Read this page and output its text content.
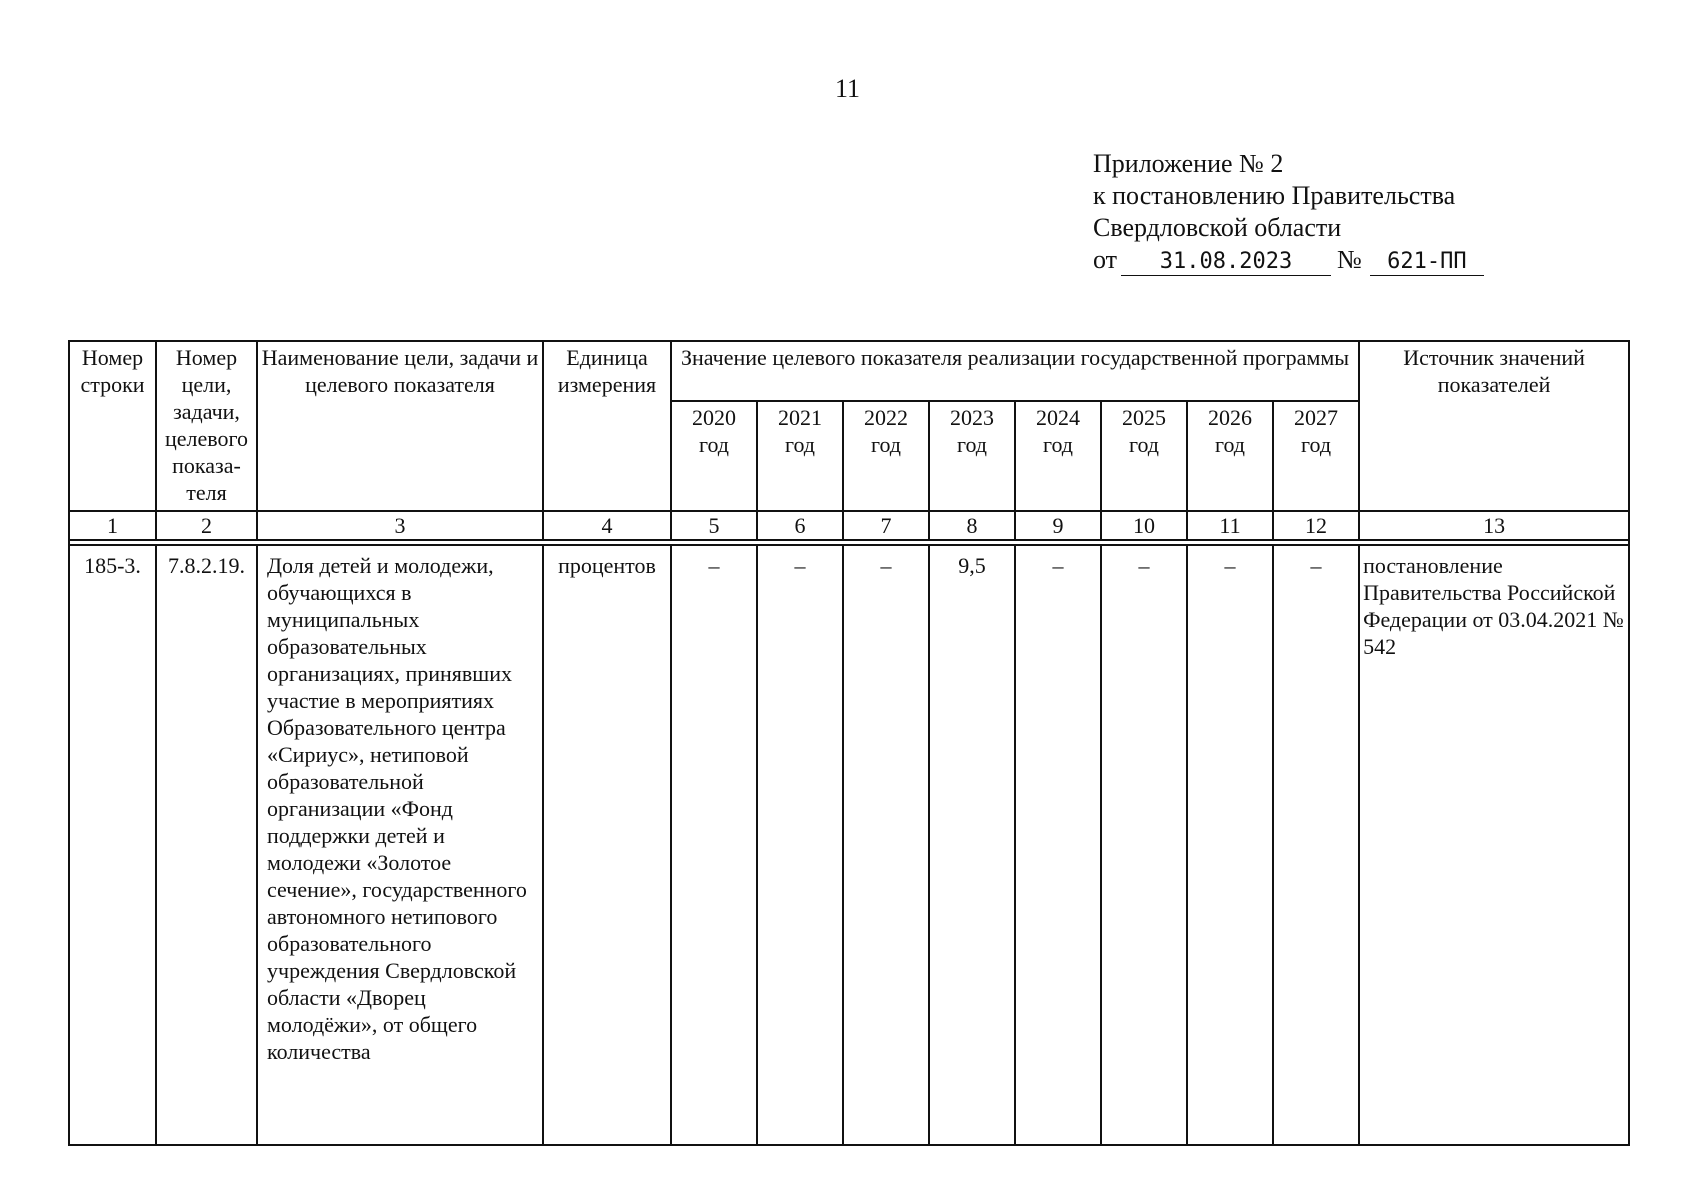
11
Приложение № 2
к постановлению Правительства
Свердловской области
от 31.08.2023 № 621-ПП
Номер строки	Номер цели, задачи, целевого показа-теля	Наименование цели, задачи и целевого показателя	Единица измерения	Значение целевого показателя реализации государственной программы								Источник значений показателей
				2020 год	2021 год	2022 год	2023 год	2024 год	2025 год	2026 год	2027 год	
1	2	3	4	5	6	7	8	9	10	11	12	13

185-3.	7.8.2.19.	Доля детей и молодежи, обучающихся в муниципальных образовательных организациях, принявших участие в мероприятиях Образовательного центра «Сириус», нетиповой образовательной организации «Фонд поддержки детей и молодежи «Золотое сечение», государственного автономного нетипового образовательного учреждения Свердловской области «Дворец молодёжи», от общего количества	процентов	–	–	–	9,5	–	–	–	–	постановление Правительства Российской Федерации от 03.04.2021 № 542
